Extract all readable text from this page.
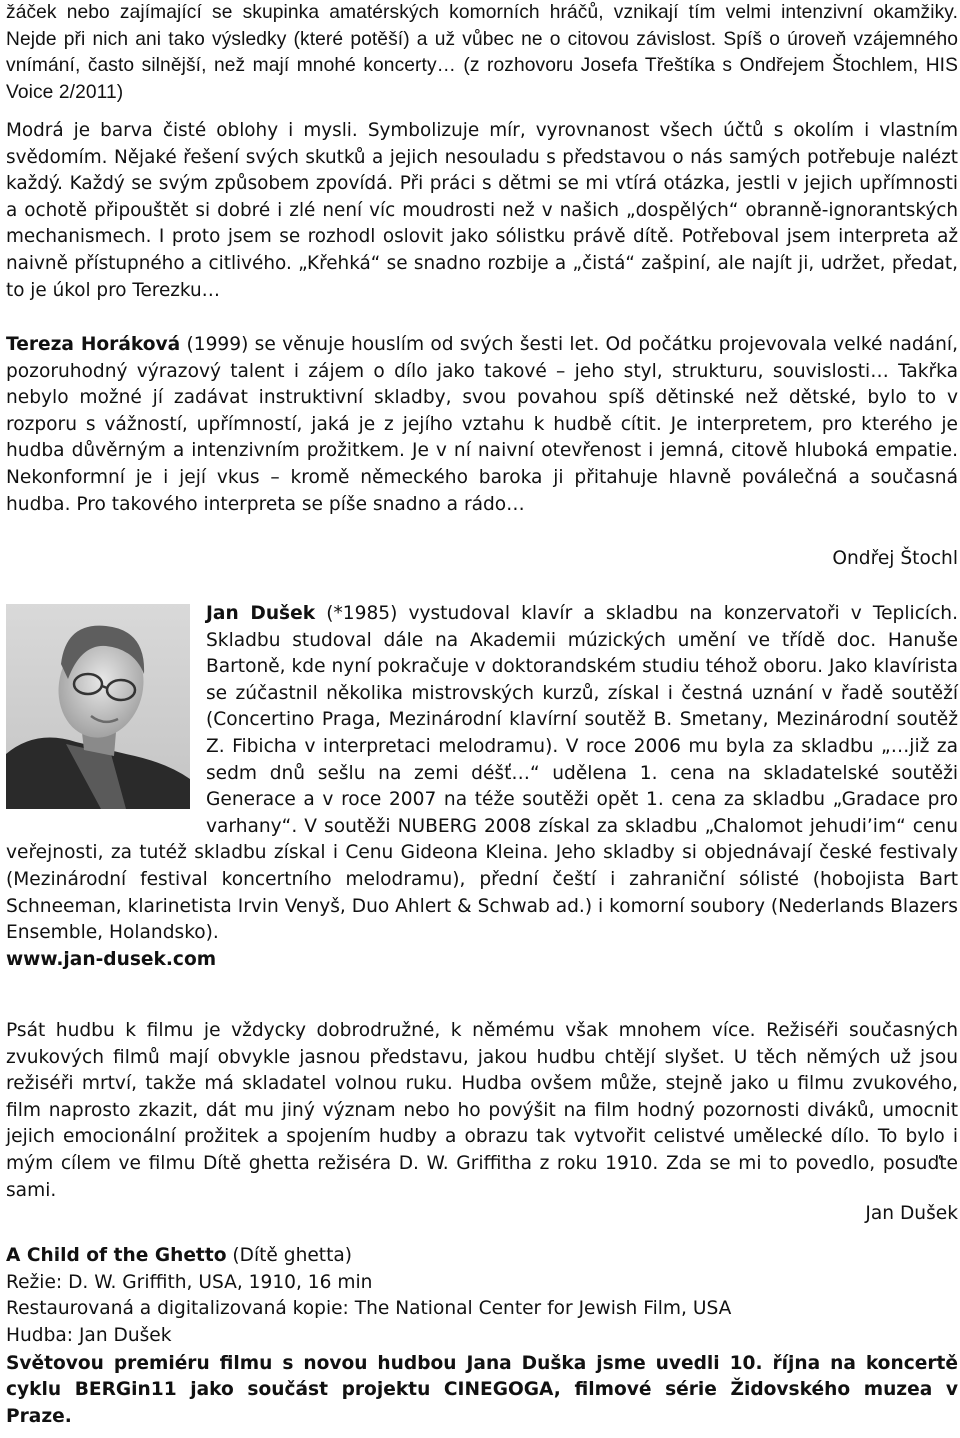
žáček nebo zajímající se skupinka amatérských komorních hráčů, vznikají tím velmi intenzivní okamžiky. Nejde při nich ani tako výsledky (které potěší) a už vůbec ne o citovou závislost. Spíš o úroveň vzájemného vnímání, často silnější, než mají mnohé koncerty… (z rozhovoru Josefa Třeštíka s Ondřejem Štochlem, HIS Voice 2/2011)

Modrá je barva čisté oblohy i mysli. Symbolizuje mír, vyrovnanost všech účtů s okolím i vlastním svědomím. Nějaké řešení svých skutků a jejich nesouladu s představou o nás samých potřebuje nalézt každý. Každý se svým způsobem zpovídá. Při práci s dětmi se mi vtírá otázka, jestli v jejich upřímnosti a ochotě připouštět si dobré i zlé není víc moudrosti než v našich „dospělých“ obranně-ignorantských mechanismech. I proto jsem se rozhodl oslovit jako sólistku právě dítě. Potřeboval jsem interpreta až naivně přístupného a citlivého. „Křehká“ se snadno rozbije a „čistá“ zašpiní, ale najít ji, udržet, předat, to je úkol pro Terezku…

Tereza Horáková (1999) se věnuje houslím od svých šesti let. Od počátku projevovala velké nadání, pozoruhodný výrazový talent i zájem o dílo jako takové – jeho styl, strukturu, souvislosti… Takřka nebylo možné jí zadávat instruktivní skladby, svou povahou spíš dětinské než dětské, bylo to v rozporu s vážností, upřímností, jaká je z jejího vztahu k hudbě cítit. Je interpretem, pro kterého je hudba důvěrným a intenzivním prožitkem. Je v ní naivní otevřenost i jemná, citově hluboká empatie. Nekonformní je i její vkus – kromě německého baroka ji přitahuje hlavně poválečná a současná hudba. Pro takového interpreta se píše snadno a rádo…

Ondřej Štochl

Jan Dušek (*1985) vystudoval klavír a skladbu na konzervatoři v Teplicích. Skladbu studoval dále na Akademii múzických umění ve třídě doc. Hanuše Bartoně, kde nyní pokračuje v doktorandském studiu téhož oboru. Jako klavírista se zúčastnil několika mistrovských kurzů, získal i čestná uznání v řadě soutěží (Concertino Praga, Mezinárodní klavírní soutěž B. Smetany, Mezinárodní soutěž Z. Fibicha v interpretaci melodramu). V roce 2006 mu byla za skladbu „…již za sedm dnů sešlu na zemi déšť…“ udělena 1. cena na skladatelské soutěži Generace a v roce 2007 na téže soutěži opět 1. cena za skladbu „Gradace pro varhany“. V soutěži NUBERG 2008 získal za skladbu „Chalomot jehudi’im“ cenu veřejnosti, za tutéž skladbu získal i Cenu Gideona Kleina. Jeho skladby si objednávají české festivaly (Mezinárodní festival koncertního melodramu), přední čeští i zahraniční sólisté (hobojista Bart Schneeman, klarinetista Irvin Venyš, Duo Ahlert & Schwab ad.) i komorní soubory (Nederlands Blazers Ensemble, Holandsko).
www.jan-dusek.com

Psát hudbu k filmu je vždycky dobrodružné, k němému však mnohem více. Režiséři současných zvukových filmů mají obvykle jasnou představu, jakou hudbu chtějí slyšet. U těch němých už jsou režiséři mrtví, takže má skladatel volnou ruku. Hudba ovšem může, stejně jako u filmu zvukového, film naprosto zkazit, dát mu jiný význam nebo ho povýšit na film hodný pozornosti diváků, umocnit jejich emocionální prožitek a spojením hudby a obrazu tak vytvořit celistvé umělecké dílo. To bylo i mým cílem ve filmu Dítě ghetta režiséra D. W. Griffitha z roku 1910. Zda se mi to povedlo, posuďte sami.

Jan Dušek
A Child of the Ghetto (Dítě ghetta)
Režie: D. W. Griffith, USA, 1910, 16 min
Restaurovaná a digitalizovaná kopie: The National Center for Jewish Film, USA
Hudba: Jan Dušek

Světovou premiéru filmu s novou hudbou Jana Duška jsme uvedli 10. října na koncertě cyklu BERGin11 jako součást projektu CINEGOGA, filmové série Židovského muzea v Praze.
